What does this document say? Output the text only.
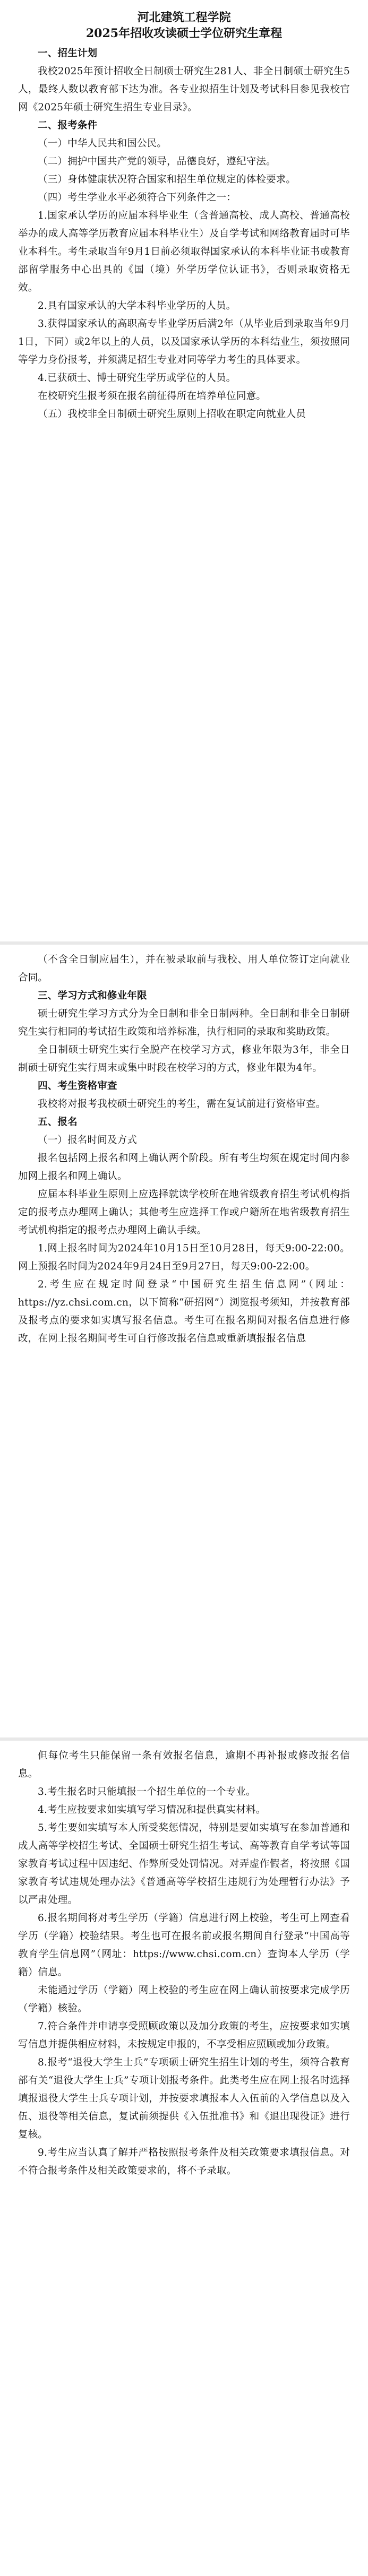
河北建筑工程学院

2025年招收攻读硕士学位研究生章程

一、招生计划

我校2025年预计招收全日制硕士研究生281人、非全日制硕士研究生5人，最终人数以教育部下达为准。各专业拟招生计划及考试科目参见我校官网《2025年硕士研究生招生专业目录》。

二、报考条件

（一）中华人民共和国公民。

（二）拥护中国共产党的领导，品德良好，遵纪守法。

（三）身体健康状况符合国家和招生单位规定的体检要求。

（四）考生学业水平必须符合下列条件之一：

1.国家承认学历的应届本科毕业生（含普通高校、成人高校、普通高校举办的成人高等学历教育应届本科毕业生）及自学考试和网络教育届时可毕业本科生。考生录取当年9月1日前必须取得国家承认的本科毕业证书或教育部留学服务中心出具的《国（境）外学历学位认证书》，否则录取资格无效。

2.具有国家承认的大学本科毕业学历的人员。

3.获得国家承认的高职高专毕业学历后满2年（从毕业后到录取当年9月1日，下同）或2年以上的人员，以及国家承认学历的本科结业生，须按照同等学力身份报考，并须满足招生专业对同等学力考生的具体要求。

4.已获硕士、博士研究生学历或学位的人员。

在校研究生报考须在报名前征得所在培养单位同意。

（五）我校非全日制硕士研究生原则上招收在职定向就业人员

（不含全日制应届生），并在被录取前与我校、用人单位签订定向就业合同。

三、学习方式和修业年限

硕士研究生学习方式分为全日制和非全日制两种。全日制和非全日制研究生实行相同的考试招生政策和培养标准，执行相同的录取和奖助政策。

全日制硕士研究生实行全脱产在校学习方式，修业年限为3年，非全日制硕士研究生实行周末或集中时段在校学习的方式，修业年限为4年。

四、考生资格审查

我校将对报考我校硕士研究生的考生，需在复试前进行资格审查。

五、报名

（一）报名时间及方式

报名包括网上报名和网上确认两个阶段。所有考生均须在规定时间内参加网上报名和网上确认。

应届本科毕业生原则上应选择就读学校所在地省级教育招生考试机构指定的报考点办理网上确认；其他考生应选择工作或户籍所在地省级教育招生考试机构指定的报考点办理网上确认手续。

1.网上报名时间为2024年10月15日至10月28日，每天9:00-22:00。网上预报名时间为2024年9月24日至9月27日，每天9:00-22:00。

2.考生应在规定时间登录“中国研究生招生信息网”（网址：https://yz.chsi.com.cn，以下简称“研招网”）浏览报考须知，并按教育部及报考点的要求如实填写报名信息。考生可在报名期间对报名信息进行修改，在网上报名期间考生可自行修改报名信息或重新填报报名信息

但每位考生只能保留一条有效报名信息，逾期不再补报或修改报名信息。

3.考生报名时只能填报一个招生单位的一个专业。

4.考生应按要求如实填写学习情况和提供真实材料。

5.考生要如实填写本人所受奖惩情况，特别是要如实填写在参加普通和成人高等学校招生考试、全国硕士研究生招生考试、高等教育自学考试等国家教育考试过程中因违纪、作弊所受处罚情况。对弄虚作假者，将按照《国家教育考试违规处理办法》《普通高等学校招生违规行为处理暂行办法》予以严肃处理。

6.报名期间将对考生学历（学籍）信息进行网上校验，考生可上网查看学历（学籍）校验结果。考生也可在报名前或报名期间自行登录“中国高等教育学生信息网”（网址：https://www.chsi.com.cn）查询本人学历（学籍）信息。

未能通过学历（学籍）网上校验的考生应在网上确认前按要求完成学历（学籍）核验。

7.符合条件并申请享受照顾政策以及加分政策的考生，应按要求如实填写信息并提供相应材料，未按规定申报的，不享受相应照顾或加分政策。

8.报考“退役大学生士兵”专项硕士研究生招生计划的考生，须符合教育部有关“退役大学生士兵”专项计划报考条件。此类考生应在网上报名时选择填报退役大学生士兵专项计划，并按要求填报本人入伍前的入学信息以及入伍、退役等相关信息，复试前须提供《入伍批准书》和《退出现役证》进行复核。

9.考生应当认真了解并严格按照报考条件及相关政策要求填报信息。对不符合报考条件及相关政策要求的，将不予录取。
